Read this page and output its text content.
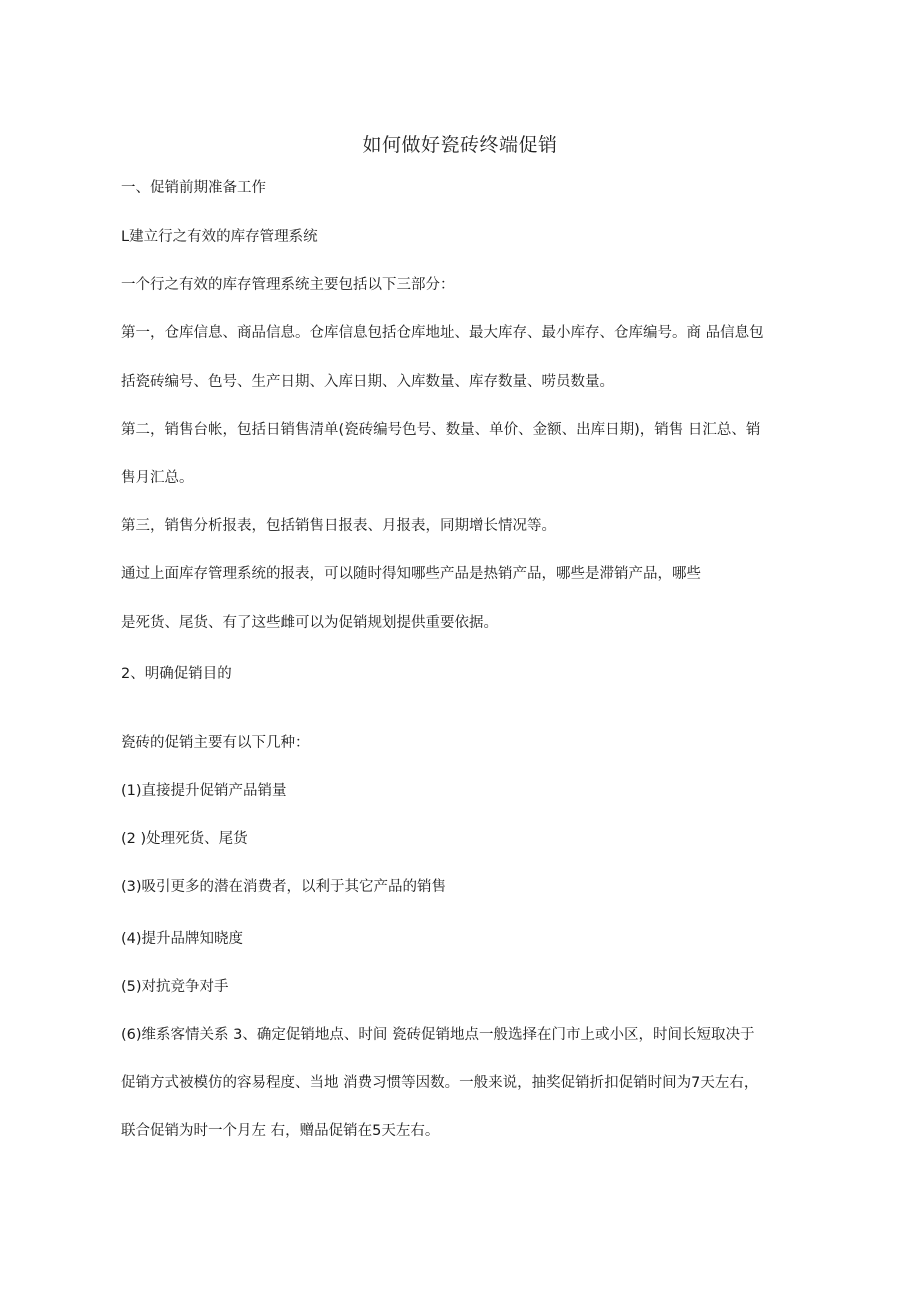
如何做好瓷砖终端促销
一、促销前期准备工作
L建立行之有效的库存管理系统
一个行之有效的库存管理系统主要包括以下三部分：
第一，仓库信息、商品信息。仓库信息包括仓库地址、最大库存、最小库存、仓库编号。商 品信息包
括瓷砖编号、色号、生产日期、入库日期、入库数量、库存数量、唠员数量。
第二，销售台帐，包括日销售清单(瓷砖编号色号、数量、单价、金额、出库日期)，销售 日汇总、销
售月汇总。
第三，销售分析报表，包括销售日报表、月报表，同期增长情况等。
通过上面库存管理系统的报表，可以随时得知哪些产品是热销产品，哪些是滞销产品，哪些
是死货、尾货、有了这些雌可以为促销规划提供重要依据。
2、明确促销目的
瓷砖的促销主要有以下几种：
(1)直接提升促销产品销量
(2 )处理死货、尾货
(3)吸引更多的潜在消费者，以利于其它产品的销售
(4)提升品牌知晓度
(5)对抗竞争对手
(6)维系客情关系 3、确定促销地点、时间 瓷砖促销地点一般选择在门市上或小区，时间长短取决于
促销方式被模仿的容易程度、当地 消费习惯等因数。一般来说，抽奖促销折扣促销时间为7天左右，
联合促销为时一个月左 右，赠品促销在5天左右。
